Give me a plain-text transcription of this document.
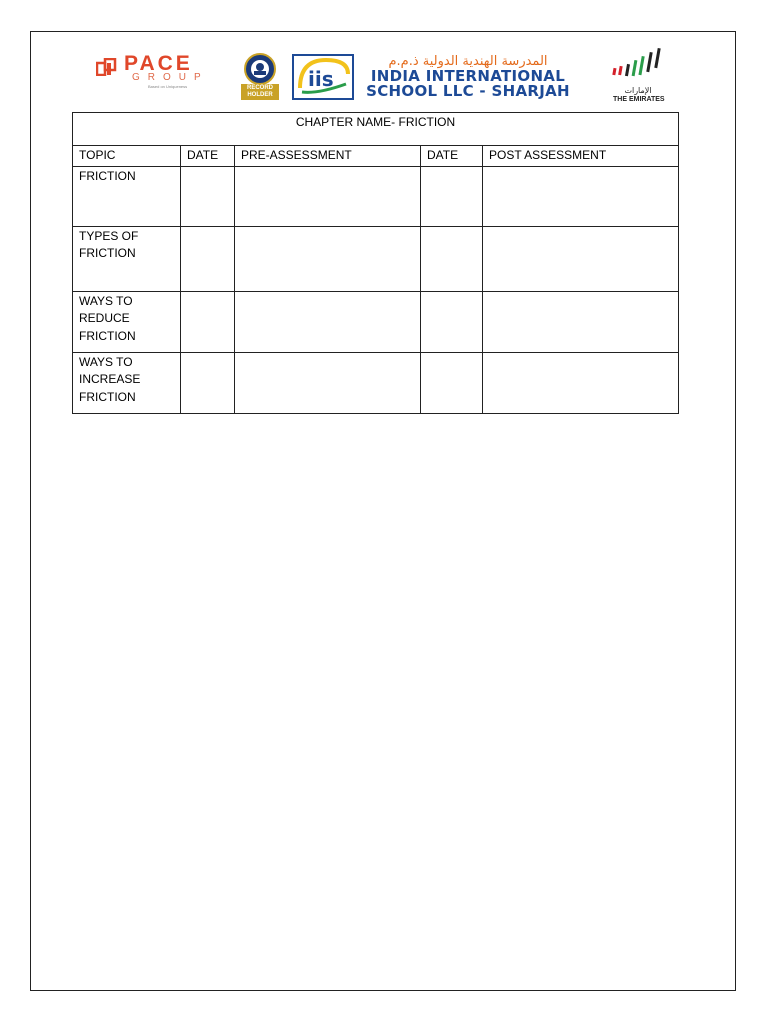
PACE
GROUP
Based on Uniqueness	RECORD HOLDER
iis
المدرسة الهندية الدولية ذ.م.م
INDIA INTERNATIONAL
SCHOOL LLC - SHARJAH	الإمارات
THE EMIRATES
CHAPTER NAME- FRICTION				
TOPIC	DATE	PRE-ASSESSMENT	DATE	POST ASSESSMENT

FRICTION				

TYPES OF
FRICTION				

WAYS TO
REDUCE
FRICTION				

WAYS TO
INCREASE
FRICTION				
